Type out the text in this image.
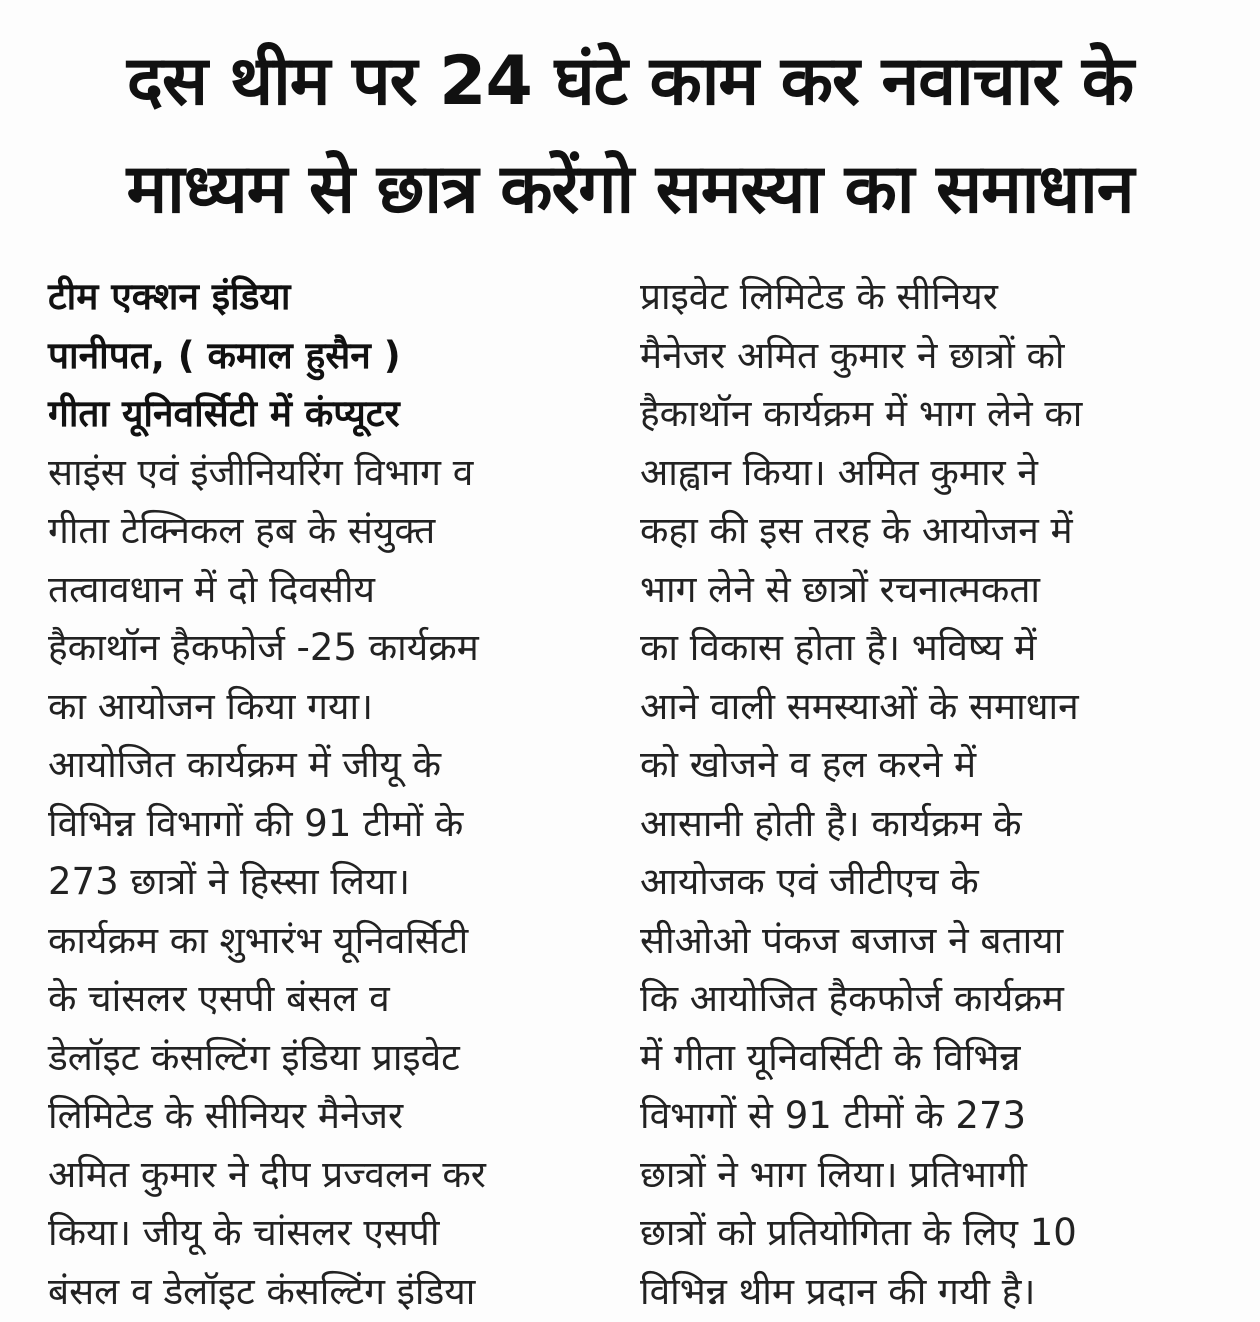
दस थीम पर 24 घंटे काम कर नवाचार के
माध्यम से छात्र करेंगो समस्या का समाधान
टीम एक्शन इंडिया
पानीपत, ( कमाल हुसैन )
गीता यूनिवर्सिटी में कंप्यूटर
साइंस एवं इंजीनियरिंग विभाग व
गीता टेक्निकल हब के संयुक्त
तत्वावधान में दो दिवसीय
हैकाथॉन हैकफोर्ज -25 कार्यक्रम
का आयोजन किया गया।
आयोजित कार्यक्रम में जीयू के
विभिन्न विभागों की 91 टीमों के
273 छात्रों ने हिस्सा लिया।
कार्यक्रम का शुभारंभ यूनिवर्सिटी
के चांसलर एसपी बंसल व
डेलॉइट कंसल्टिंग इंडिया प्राइवेट
लिमिटेड के सीनियर मैनेजर
अमित कुमार ने दीप प्रज्वलन कर
किया। जीयू के चांसलर एसपी
बंसल व डेलॉइट कंसल्टिंग इंडिया
प्राइवेट लिमिटेड के सीनियर
मैनेजर अमित कुमार ने छात्रों को
हैकाथॉन कार्यक्रम में भाग लेने का
आह्वान किया। अमित कुमार ने
कहा की इस तरह के आयोजन में
भाग लेने से छात्रों रचनात्मकता
का विकास होता है। भविष्य में
आने वाली समस्याओं के समाधान
को खोजने व हल करने में
आसानी होती है। कार्यक्रम के
आयोजक एवं जीटीएच के
सीओओ पंकज बजाज ने बताया
कि आयोजित हैकफोर्ज कार्यक्रम
में गीता यूनिवर्सिटी के विभिन्न
विभागों से 91 टीमों के 273
छात्रों ने भाग लिया। प्रतिभागी
छात्रों को प्रतियोगिता के लिए 10
विभिन्न थीम प्रदान की गयी है।
